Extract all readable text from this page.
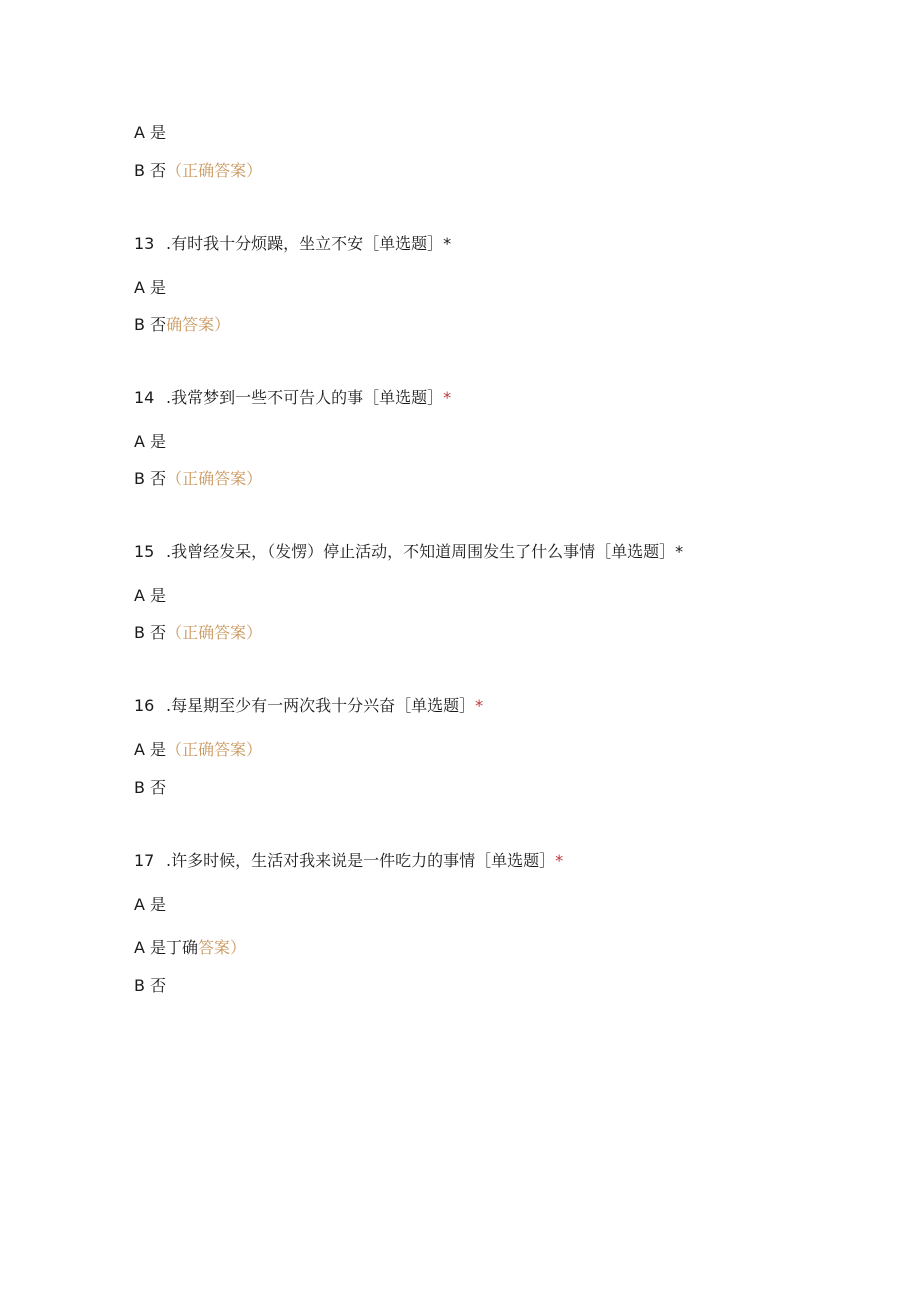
A 是
B 否（正确答案）
13 .有时我十分烦躁，坐立不安［单选题］*
A 是
B 否确答案）
14 .我常梦到一些不可告人的事［单选题］*
A 是
B 否（正确答案）
15 .我曾经发呆，（发愣）停止活动，不知道周围发生了什么事情［单选题］*
A 是
B 否（正确答案）
16 .每星期至少有一两次我十分兴奋［单选题］*
A 是（正确答案）
B 否
17 .许多时候，生活对我来说是一件吃力的事情［单选题］*
A 是
A 是丁确答案）
B 否
